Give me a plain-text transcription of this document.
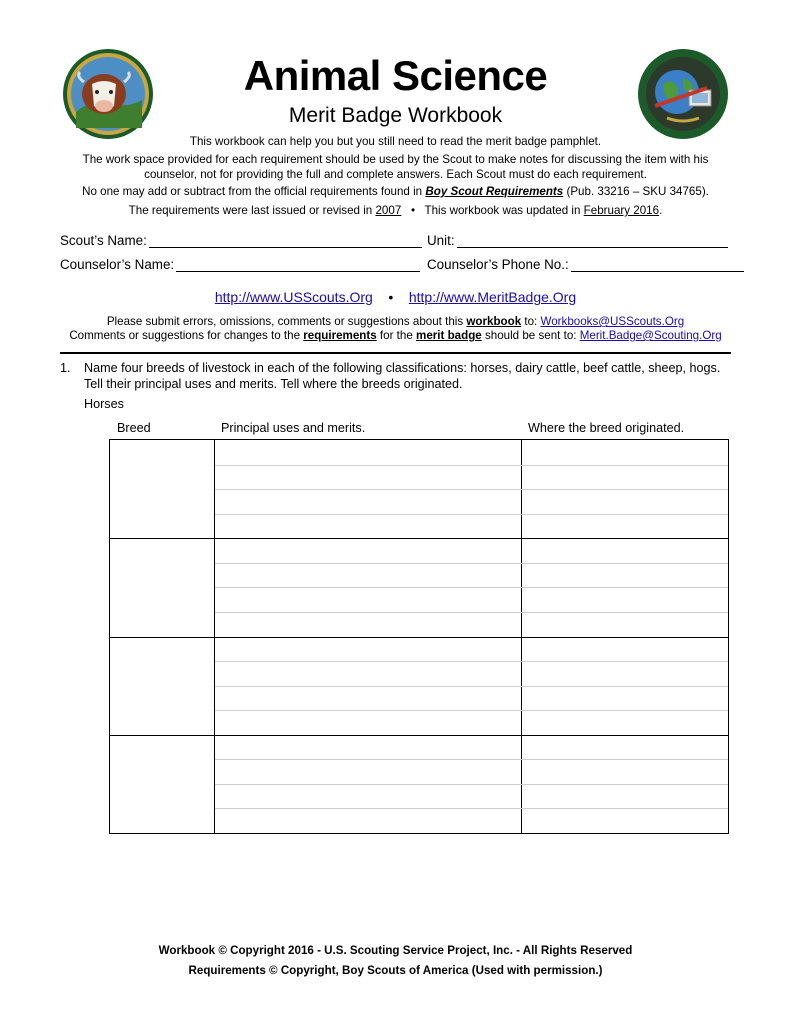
Animal Science
Merit Badge Workbook
This workbook can help you but you still need to read the merit badge pamphlet.
The work space provided for each requirement should be used by the Scout to make notes for discussing the item with his counselor, not for providing the full and complete answers. Each Scout must do each requirement.
No one may add or subtract from the official requirements found in Boy Scout Requirements (Pub. 33216 – SKU 34765).
The requirements were last issued or revised in 2007 • This workbook was updated in February 2016.
Scout’s Name:	Unit:
Counselor’s Name:	Counselor’s Phone No.:
http://www.USScouts.Org • http://www.MeritBadge.Org
Please submit errors, omissions, comments or suggestions about this workbook to: Workbooks@USScouts.Org
Comments or suggestions for changes to the requirements for the merit badge should be sent to: Merit.Badge@Scouting.Org
1. Name four breeds of livestock in each of the following classifications: horses, dairy cattle, beef cattle, sheep, hogs. Tell their principal uses and merits. Tell where the breeds originated.
Horses
Breed	Principal uses and merits.	Where the breed originated.
Workbook © Copyright 2016 - U.S. Scouting Service Project, Inc. - All Rights Reserved
Requirements © Copyright, Boy Scouts of America (Used with permission.)
